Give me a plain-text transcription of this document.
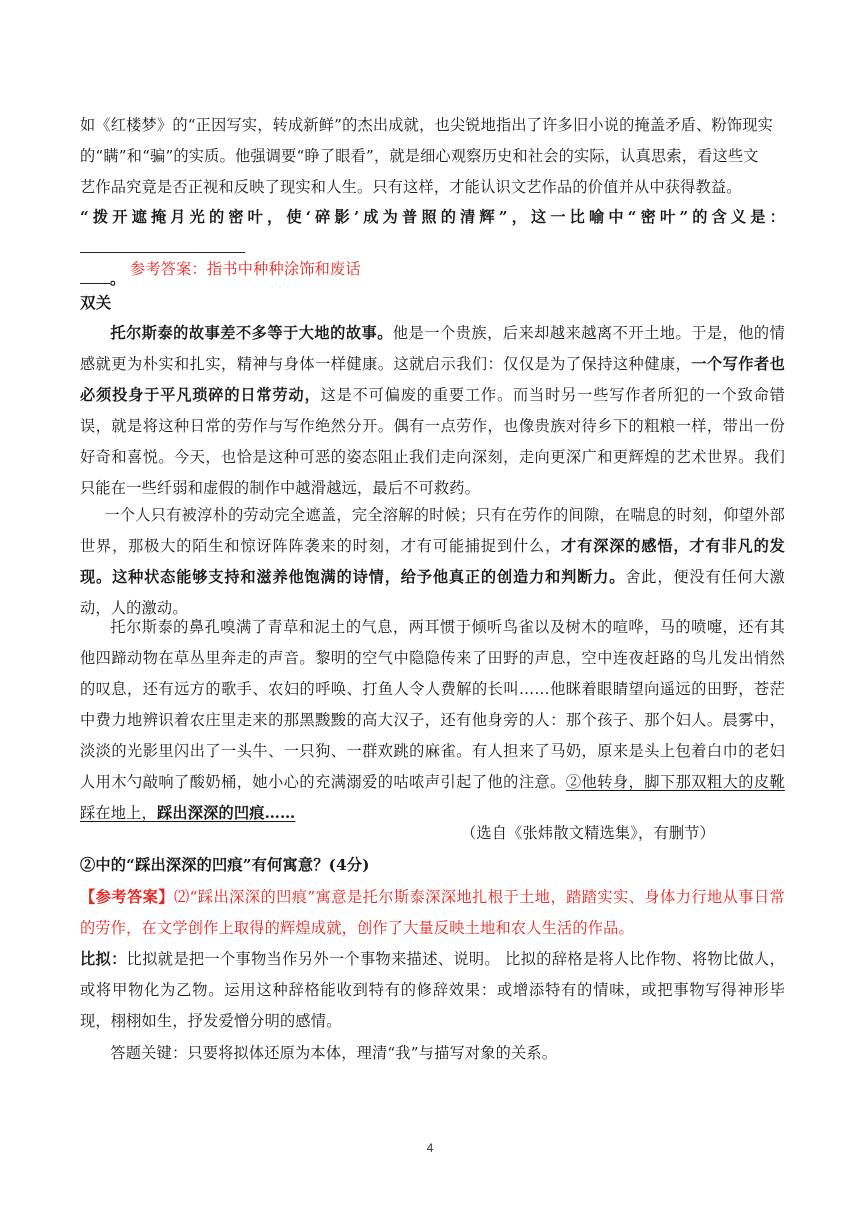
如《红楼梦》的“正因写实，转成新鲜”的杰出成就，也尖锐地指出了许多旧小说的掩盖矛盾、粉饰现实

的“瞒”和“骗”的实质。他强调要“睁了眼看”，就是细心观察历史和社会的实际，认真思索，看这些文

艺作品究竟是否正视和反映了现实和人生。只有这样，才能认识文艺作品的价值并从中获得教益。

“拨开遮掩月光的密叶，使‘碎影’成为普照的清辉”，这一比喻中“密叶”的含义是：

。

参考答案：指书中种种涂饰和废话

双关

托尔斯泰的故事差不多等于大地的故事。他是一个贵族，后来却越来越离不开土地。于是，他的情感就更为朴实和扎实，精神与身体一样健康。这就启示我们：仅仅是为了保持这种健康，一个写作者也必须投身于平凡琐碎的日常劳动，这是不可偏废的重要工作。而当时另一些写作者所犯的一个致命错误，就是将这种日常的劳作与写作绝然分开。偶有一点劳作，也像贵族对待乡下的粗粮一样，带出一份好奇和喜悦。今天，也恰是这种可恶的姿态阻止我们走向深刻，走向更深广和更辉煌的艺术世界。我们只能在一些纤弱和虚假的制作中越滑越远，最后不可救药。

一个人只有被淳朴的劳动完全遮盖，完全溶解的时候；只有在劳作的间隙，在喘息的时刻，仰望外部世界，那极大的陌生和惊讶阵阵袭来的时刻，才有可能捕捉到什么，才有深深的感悟，才有非凡的发现。这种状态能够支持和滋养他饱满的诗情，给予他真正的创造力和判断力。舍此，便没有任何大激动，人的激动。

托尔斯泰的鼻孔嗅满了青草和泥土的气息，两耳惯于倾听鸟雀以及树木的喧哗，马的喷嚏，还有其他四蹄动物在草丛里奔走的声音。黎明的空气中隐隐传来了田野的声息，空中连夜赶路的鸟儿发出悄然的叹息，还有远方的歌手、农妇的呼唤、打鱼人令人费解的长叫……他眯着眼睛望向遥远的田野，苍茫中费力地辨识着农庄里走来的那黑黢黢的高大汉子，还有他身旁的人：那个孩子、那个妇人。晨雾中，淡淡的光影里闪出了一头牛、一只狗、一群欢跳的麻雀。有人担来了马奶，原来是头上包着白巾的老妇人用木勺敲响了酸奶桶，她小心的充满溺爱的咕哝声引起了他的注意。②他转身，脚下那双粗大的皮靴踩在地上，踩出深深的凹痕……

（选自《张炜散文精选集》，有删节）

②中的“踩出深深的凹痕”有何寓意？(4分)

【参考答案】⑵“踩出深深的凹痕”寓意是托尔斯泰深深地扎根于土地，踏踏实实、身体力行地从事日常的劳作，在文学创作上取得的辉煌成就，创作了大量反映土地和农人生活的作品。

比拟：比拟就是把一个事物当作另外一个事物来描述、说明。 比拟的辞格是将人比作物、将物比做人，或将甲物化为乙物。运用这种辞格能收到特有的修辞效果：或增添特有的情味，或把事物写得神形毕现，栩栩如生，抒发爱憎分明的感情。

答题关键：只要将拟体还原为本体，理清“我”与描写对象的关系。

4
